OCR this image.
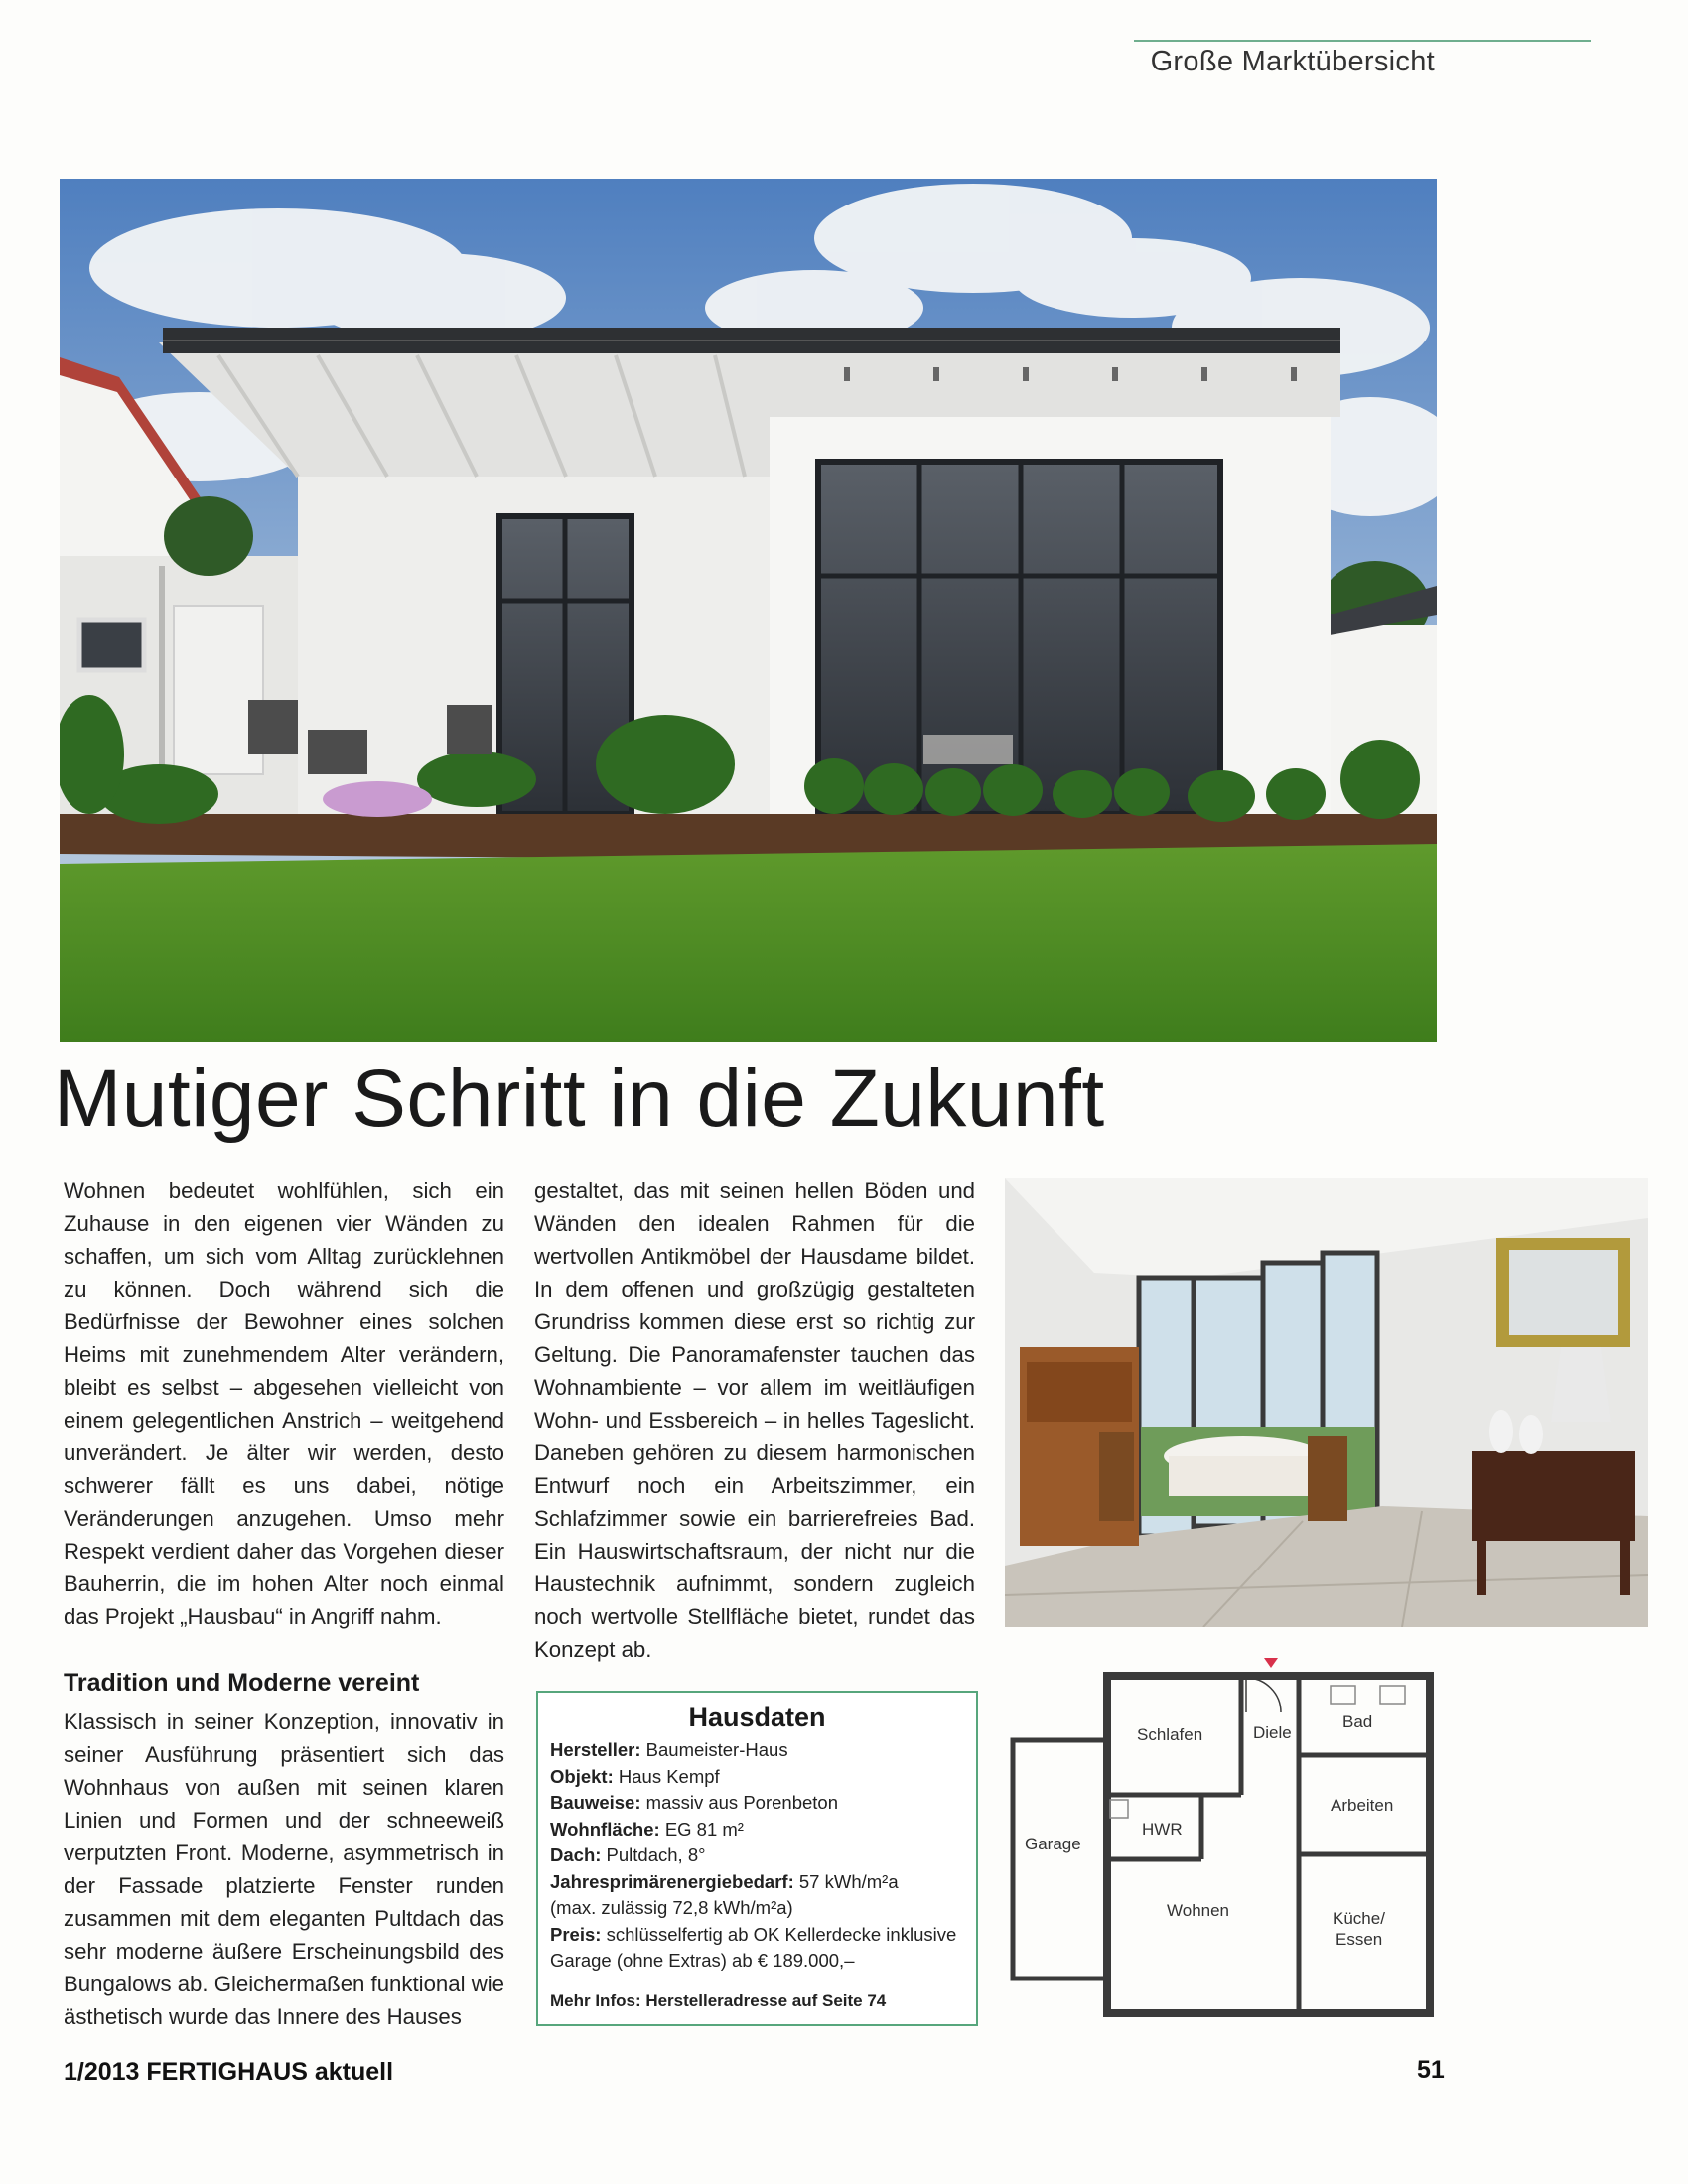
Große Marktübersicht
Mutiger Schritt in die Zukunft

Wohnen bedeutet wohlfühlen, sich ein Zuhause in den eigenen vier Wänden zu schaffen, um sich vom Alltag zurücklehnen zu können. Doch während sich die Bedürfnisse der Bewohner eines solchen Heims mit zunehmendem Alter verändern, bleibt es selbst – abgesehen vielleicht von einem gelegentlichen Anstrich – weitgehend unverändert. Je älter wir werden, desto schwerer fällt es uns dabei, nötige Veränderungen anzugehen. Umso mehr Respekt verdient daher das Vorgehen dieser Bauherrin, die im hohen Alter noch einmal das Projekt „Hausbau“ in Angriff nahm.

Tradition und Moderne vereint

Klassisch in seiner Konzeption, innovativ in seiner Ausführung präsentiert sich das Wohnhaus von außen mit seinen klaren Linien und Formen und der schneeweiß verputzten Front. Moderne, asymmetrisch in der Fassade platzierte Fenster runden zusammen mit dem eleganten Pultdach das sehr moderne äußere Erscheinungsbild des Bungalows ab. Gleichermaßen funktional wie ästhetisch wurde das Innere des Hauses

gestaltet, das mit seinen hellen Böden und Wänden den idealen Rahmen für die wertvollen Antikmöbel der Hausdame bildet. In dem offenen und großzügig gestalteten Grundriss kommen diese erst so richtig zur Geltung. Die Panoramafenster tauchen das Wohnambiente – vor allem im weitläufigen Wohn- und Essbereich – in helles Tageslicht. Daneben gehören zu diesem harmonischen Entwurf noch ein Arbeitszimmer, ein Schlafzimmer sowie ein barrierefreies Bad. Ein Hauswirtschaftsraum, der nicht nur die Haustechnik aufnimmt, sondern zugleich noch wertvolle Stellfläche bietet, rundet das Konzept ab.

Hausdaten

Hersteller: Baumeister-Haus

Objekt: Haus Kempf

Bauweise: massiv aus Porenbeton

Wohnfläche: EG 81 m²

Dach: Pultdach, 8°

Jahresprimärenergiebedarf: 57 kWh/m²a

(max. zulässig 72,8 kWh/m²a)

Preis: schlüsselfertig ab OK Kellerdecke inklusive

Garage (ohne Extras) ab € 189.000,–

Mehr Infos: Herstelleradresse auf Seite 74

Schlafen	Diele
Bad
Arbeiten
HWR
Garage
Wohnen	Küche/
Essen
1/2013 FERTIGHAUS aktuell	51
